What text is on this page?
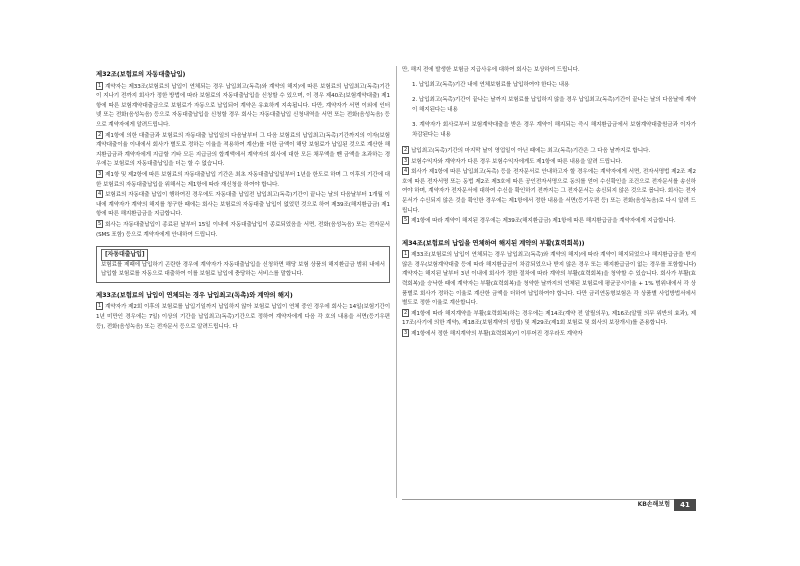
제32조(보험료의 자동대출납입)

1 계약자는 제33조(보험료의 납입이 연체되는 경우 납입최고(독촉)와 계약의 해지)에 따른 보험료의 납입최고(독촉)기간이 지나기 전까지 회사가 정한 방법에 따라 보험료의 자동대출납입을 신청할 수 있으며, 이 경우 제40조(보험계약대출) 제1항에 따른 보험계약대출금으로 보험료가 자동으로 납입되어 계약은 유효하게 지속됩니다. 다만, 계약자가 서면 이외에 인터넷 또는 전화(음성녹음) 등으로 자동대출납입을 신청할 경우 회사는 자동대출납입 신청내역을 서면 또는 전화(음성녹음) 등으로 계약자에게 알려드립니다.

2 제1항에 의한 대출금과 보험료의 자동대출 납입일의 다음날부터 그 다음 보험료의 납입최고(독촉)기간까지의 이자(보험계약대출이율 이내에서 회사가 별도로 정하는 이율을 적용하여 계산)를 더한 금액이 해당 보험료가 납입된 것으로 계산한 해지환급금과 계약자에게 지급할 기타 모든 지급금의 합계액에서 계약자의 회사에 대한 모든 채무액을 뺀 금액을 초과하는 경우에는 보험료의 자동대출납입을 더는 할 수 없습니다.

3 제1항 및 제2항에 따른 보험료의 자동대출납입 기간은 최초 자동대출납입일부터 1년을 한도로 하며 그 이후의 기간에 대한 보험료의 자동대출납입을 위해서는 제1항에 따라 재신청을 하여야 합니다.

4 보험료의 자동대출 납입이 행하여진 경우에도 자동대출 납입전 납입최고(독촉)기간이 끝나는 날의 다음날부터 1개월 이내에 계약자가 계약의 해지를 청구한 때에는 회사는 보험료의 자동대출 납입이 없었던 것으로 하여 제39조(해지환급금) 제1항에 따른 해지환급금을 지급합니다.

5 회사는 자동대출납입이 종료된 날부터 15일 이내에 자동대출납입이 종료되었음을 서면, 전화(음성녹음) 또는 전자문서(SMS 포함) 등으로 계약자에게 안내하여 드립니다.

[자동대출납입]

보험료를 제때에 납입하기 곤란한 경우에 계약자가 자동대출납입을 신청하면 해당 보험 상품의 해지환급금 범위 내에서 납입할 보험료를 자동으로 대출하여 이를 보험료 납입에 충당하는 서비스를 말합니다.

제33조(보험료의 납입이 연체되는 경우 납입최고(독촉)와 계약의 해지)

1 계약자가 제2회 이후의 보험료를 납입기일까지 납입하지 않아 보험료 납입이 연체 중인 경우에 회사는 14일(보험기간이 1년 미만인 경우에는 7일) 이상의 기간을 납입최고(독촉)기간으로 정하여 계약자에게 다음 각 호의 내용을 서면(등기우편 등), 전화(음성녹음) 또는 전자문서 등으로 알려드립니다. 다

만, 해지 전에 발생한 보험금 지급사유에 대하여 회사는 보상하여 드립니다.

1. 납입최고(독촉)기간 내에 연체보험료를 납입하여야 한다는 내용

2. 납입최고(독촉)기간이 끝나는 날까지 보험료를 납입하지 않을 경우 납입최고(독촉)기간이 끝나는 날의 다음날에 계약이 해지된다는 내용

3. 계약자가 회사로부터 보험계약대출을 받은 경우 계약이 해지되는 즉시 해지환급금에서 보험계약대출원금과 이자가 차감된다는 내용

2 납입최고(독촉)기간의 마지막 날이 영업일이 아닌 때에는 최고(독촉)기간은 그 다음 날까지로 합니다.

3 보험수익자와 계약자가 다른 경우 보험수익자에게도 제1항에 따른 내용을 알려 드립니다.

4 회사가 제1항에 따른 납입최고(독촉) 등을 전자문서로 안내하고자 할 경우에는 계약자에게 서면, 전자서명법 제2조 제2호에 따른 전자서명 또는 동법 제2조 제3호에 따른 공인전자서명으로 동의를 얻어 수신확인을 조건으로 전자문서를 송신하여야 하며, 계약자가 전자문서에 대하여 수신을 확인하기 전까지는 그 전자문서는 송신되지 않은 것으로 봅니다. 회사는 전자문서가 수신되지 않은 것을 확인한 경우에는 제1항에서 정한 내용을 서면(등기우편 등) 또는 전화(음성녹음)로 다시 알려 드립니다.

5 제1항에 따라 계약이 해지된 경우에는 제39조(해지환급금) 제1항에 따른 해지환급금을 계약자에게 지급합니다.

제34조(보험료의 납입을 연체하여 해지된 계약의 부활(효력회복))

1 제33조(보험료의 납입이 연체되는 경우 납입최고(독촉)와 계약의 해지)에 따라 계약이 해지되었으나 해지환급금을 받지 않은 경우(보험계약대출 등에 따라 해지환급금이 차감되었으나 받지 않은 경우 또는 해지환급금이 없는 경우를 포함합니다) 계약자는 해지된 날부터 3년 이내에 회사가 정한 절차에 따라 계약의 부활(효력회복)을 청약할 수 있습니다. 회사가 부활(효력회복)을 승낙한 때에 계약자는 부활(효력회복)을 청약한 날까지의 연체된 보험료에 평균공시이율 + 1% 범위내에서 각 상품별로 회사가 정하는 이율로 계산한 금액을 더하여 납입하여야 합니다. 다만 금리연동형보험은 각 상품별 사업방법서에서 별도로 정한 이율로 계산합니다.

2 제1항에 따라 해지계약을 부활(효력회복)하는 경우에는 제14조(계약 전 알릴의무), 제16조(알릴 의무 위반의 효과), 제17조(사기에 의한 계약), 제18조(보험계약의 성립) 및 제29조(제1회 보험료 및 회사의 보장개시)를 준용합니다.

3 제1항에서 정한 해지계약의 부활(효력회복)이 이루어진 경우라도 계약자

KB손해보험	41
